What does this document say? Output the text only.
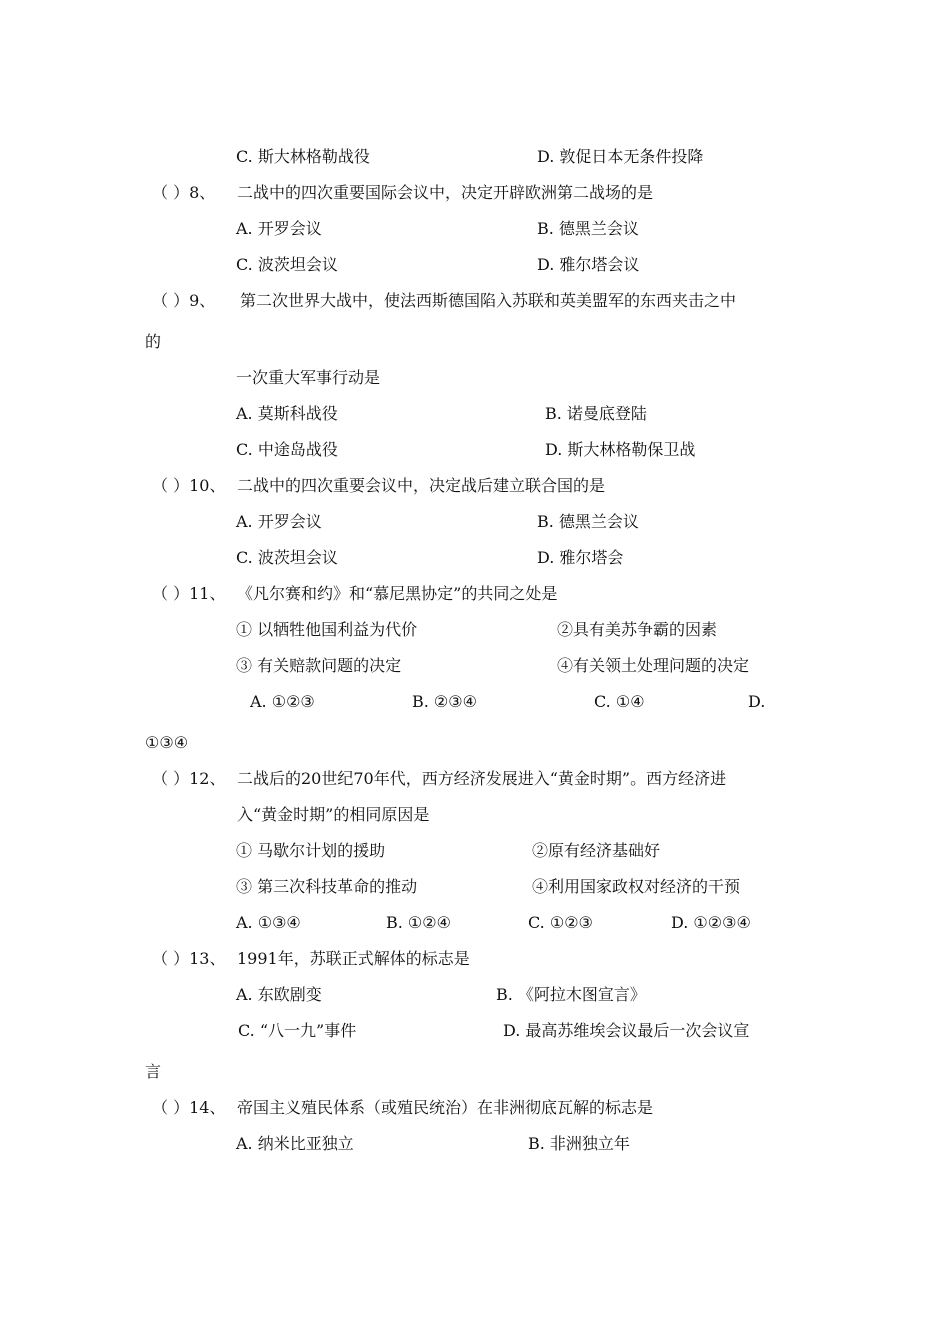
C. 斯大林格勒战役	D. 敦促日本无条件投降
（ ）8、 二战中的四次重要国际会议中，决定开辟欧洲第二战场的是
A. 开罗会议	B. 德黑兰会议
C. 波茨坦会议	D. 雅尔塔会议
（ ）9、 第二次世界大战中，使法西斯德国陷入苏联和英美盟军的东西夹击之中
的
一次重大军事行动是
A. 莫斯科战役	B. 诺曼底登陆
C. 中途岛战役	D. 斯大林格勒保卫战
（ ）10、 二战中的四次重要会议中，决定战后建立联合国的是
A. 开罗会议	B. 德黑兰会议
C. 波茨坦会议	D. 雅尔塔会
（ ）11、 《凡尔赛和约》和“慕尼黑协定”的共同之处是
① 以牺牲他国利益为代价	②具有美苏争霸的因素
③ 有关赔款问题的决定	④有关领土处理问题的决定
A. ①②③	B. ②③④	C. ①④	D.
①③④
（ ）12、 二战后的20世纪70年代，西方经济发展进入“黄金时期”。西方经济进
入“黄金时期”的相同原因是
① 马歇尔计划的援助	②原有经济基础好
③ 第三次科技革命的推动	④利用国家政权对经济的干预
A. ①③④	B. ①②④	C. ①②③	D. ①②③④
（ ）13、 1991年，苏联正式解体的标志是
A. 东欧剧变	B. 《阿拉木图宣言》
C. “八一九”事件	D. 最高苏维埃会议最后一次会议宣
言
（ ）14、 帝国主义殖民体系（或殖民统治）在非洲彻底瓦解的标志是
A. 纳米比亚独立	B. 非洲独立年
